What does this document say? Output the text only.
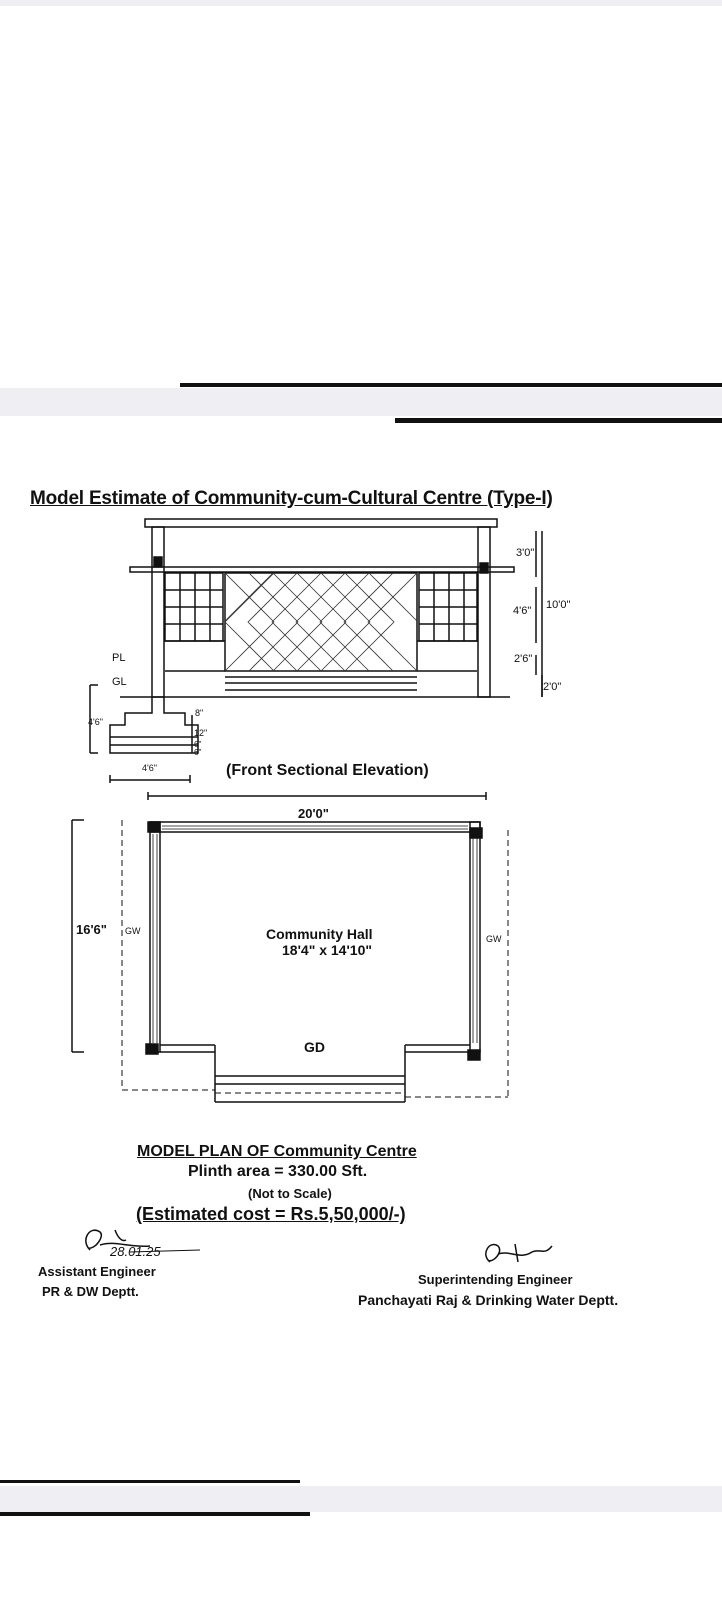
Model Estimate of Community-cum-Cultural Centre (Type-I)
3'0"
4'6" 10'0"
2'6"
2'0"
PL
GL
4'6"
4'6"
8"
12"
6"
6"
(Front Sectional Elevation)
20'0"
16'6" GW
GW
Community Hall
18'4" x 14'10"
GD
MODEL PLAN OF Community Centre
Plinth area = 330.00 Sft.
(Not to Scale)
(Estimated cost = Rs.5,50,000/-)
28.01.25
Assistant Engineer
PR & DW Deptt.
Superintending Engineer
Panchayati Raj & Drinking Water Deptt.
